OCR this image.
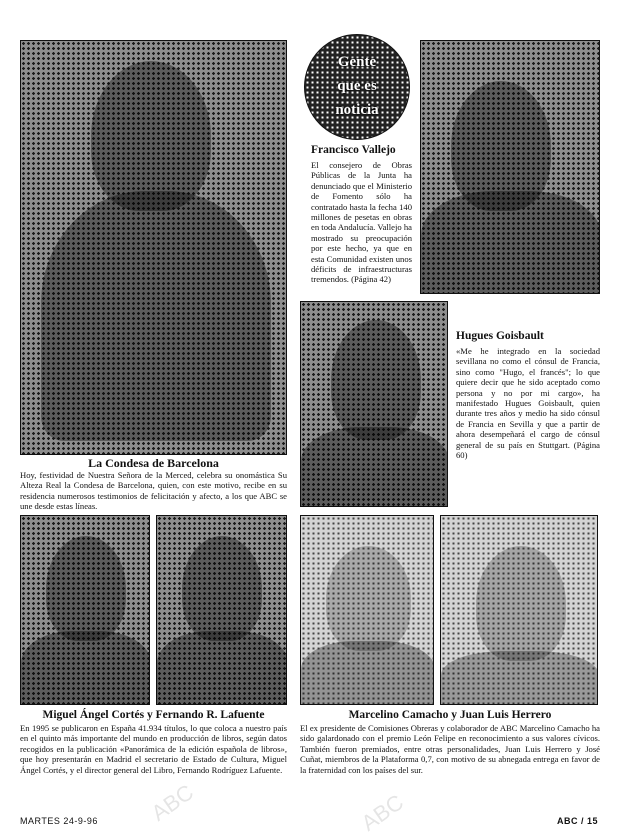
ABC	ABC
Gente
que es
noticia
Francisco Vallejo
El consejero de Obras Públicas de la Junta ha denunciado que el Ministerio de Fomento sólo ha contratado hasta la fecha 140 millones de pesetas en obras en toda Andalucía. Vallejo ha mostrado su preocupación por este hecho, ya que en esta Comunidad existen unos déficits de infraestructuras tremendos. (Página 42)
Hugues Goisbault
«Me he integrado en la sociedad sevillana no como el cónsul de Francia, sino como "Hugo, el francés"; lo que quiere decir que he sido aceptado como persona y no por mi cargo», ha manifestado Hugues Goisbault, quien durante tres años y medio ha sido cónsul de Francia en Sevilla y que a partir de ahora desempeñará el cargo de cónsul general de su país en Stuttgart. (Página 60)
La Condesa de Barcelona
Hoy, festividad de Nuestra Señora de la Merced, celebra su onomástica Su Alteza Real la Condesa de Barcelona, quien, con este motivo, recibe en su residencia numerosos testimonios de felicitación y afecto, a los que ABC se une desde estas líneas.
Miguel Ángel Cortés y Fernando R. Lafuente
En 1995 se publicaron en España 41.934 títulos, lo que coloca a nuestro país en el quinto más importante del mundo en producción de libros, según datos recogidos en la publicación «Panorámica de la edición española de libros», que hoy presentarán en Madrid el secretario de Estado de Cultura, Miguel Ángel Cortés, y el director general del Libro, Fernando Rodríguez Lafuente.
Marcelino Camacho y Juan Luis Herrero
El ex presidente de Comisiones Obreras y colaborador de ABC Marcelino Camacho ha sido galardonado con el premio León Felipe en reconocimiento a sus valores cívicos. También fueron premiados, entre otras personalidades, Juan Luis Herrero y José Cuñat, miembros de la Plataforma 0,7, con motivo de su abnegada entrega en favor de la fraternidad con los países del sur.
MARTES 24-9-96	ABC / 15
